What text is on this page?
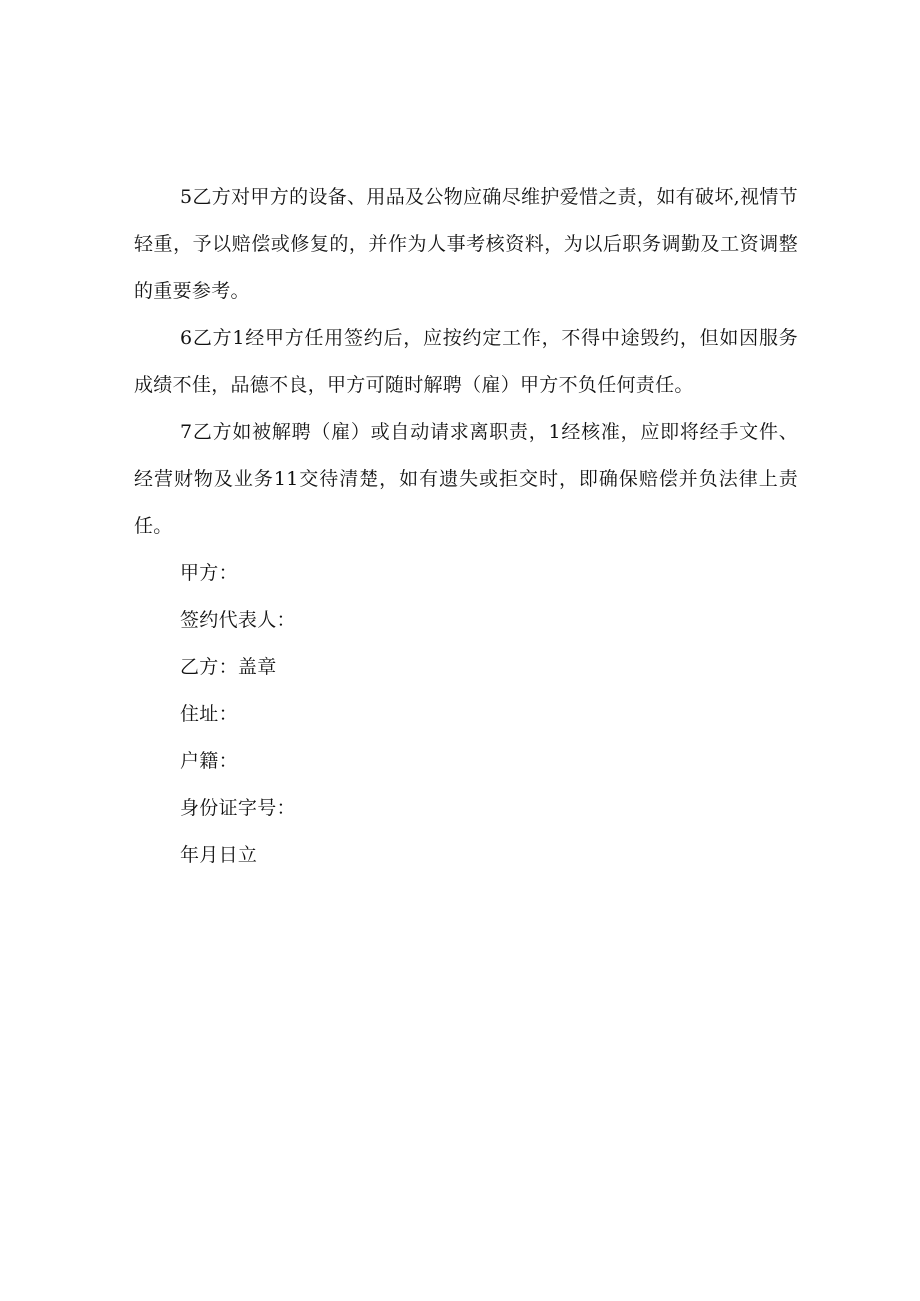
5乙方对甲方的设备、用品及公物应确尽维护爱惜之责，如有破坏,视情节轻重，予以赔偿或修复的，并作为人事考核资料，为以后职务调勤及工资调整的重要参考。

6乙方1经甲方任用签约后，应按约定工作，不得中途毁约，但如因服务成绩不佳，品德不良，甲方可随时解聘（雇）甲方不负任何责任。

7乙方如被解聘（雇）或自动请求离职责，1经核准，应即将经手文件、经营财物及业务11交待清楚，如有遗失或拒交时，即确保赔偿并负法律上责任。

甲方：

签约代表人：

乙方：盖章

住址：

户籍：

身份证字号：

年月日立
